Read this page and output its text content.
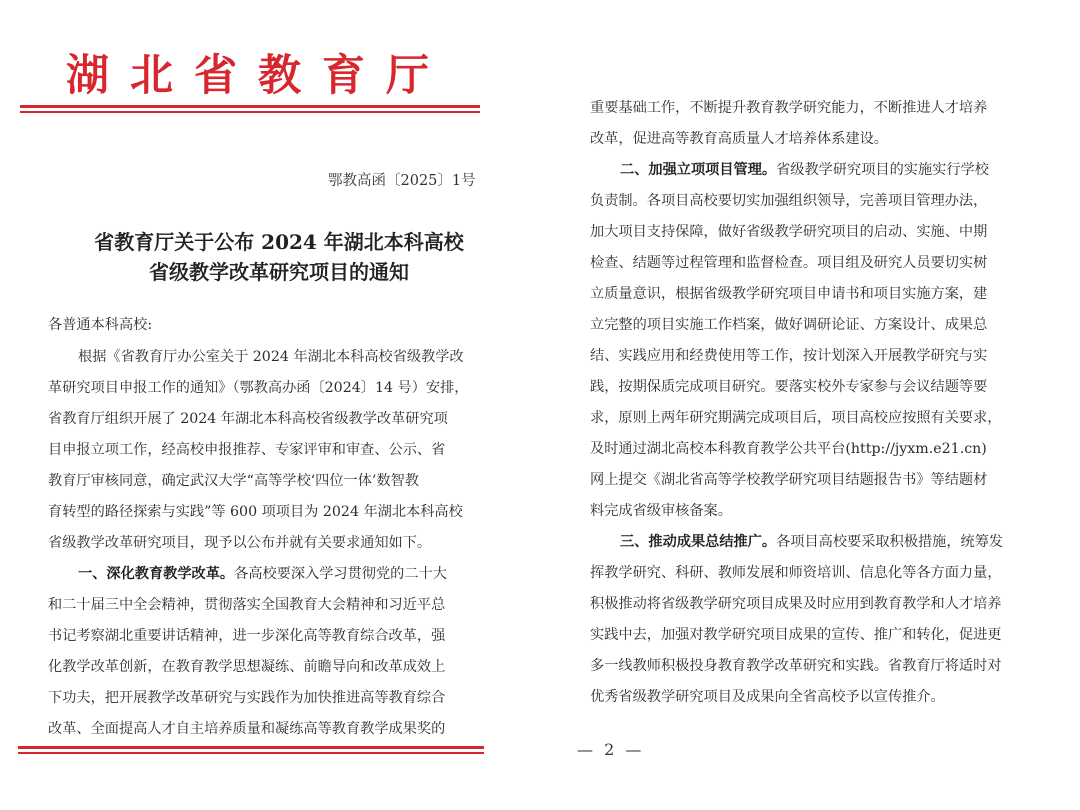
湖北省教育厅
鄂教高函〔2025〕1号
省教育厅关于公布 2024 年湖北本科高校
省级教学改革研究项目的通知
各普通本科高校:
根据《省教育厅办公室关于 2024 年湖北本科高校省级教学改
革研究项目申报工作的通知》（鄂教高办函〔2024〕14 号）安排，
省教育厅组织开展了 2024 年湖北本科高校省级教学改革研究项
目申报立项工作，经高校申报推荐、专家评审和审查、公示、省
教育厅审核同意，确定武汉大学“高等学校‘四位一体’数智教
育转型的路径探索与实践”等 600 项项目为 2024 年湖北本科高校
省级教学改革研究项目，现予以公布并就有关要求通知如下。
一、深化教育教学改革。各高校要深入学习贯彻党的二十大
和二十届三中全会精神，贯彻落实全国教育大会精神和习近平总
书记考察湖北重要讲话精神，进一步深化高等教育综合改革，强
化教学改革创新，在教育教学思想凝练、前瞻导向和改革成效上
下功夫，把开展教学改革研究与实践作为加快推进高等教育综合
改革、全面提高人才自主培养质量和凝练高等教育教学成果奖的
重要基础工作，不断提升教育教学研究能力，不断推进人才培养
改革，促进高等教育高质量人才培养体系建设。
二、加强立项项目管理。省级教学研究项目的实施实行学校
负责制。各项目高校要切实加强组织领导，完善项目管理办法，
加大项目支持保障，做好省级教学研究项目的启动、实施、中期
检查、结题等过程管理和监督检查。项目组及研究人员要切实树
立质量意识，根据省级教学研究项目申请书和项目实施方案，建
立完整的项目实施工作档案，做好调研论证、方案设计、成果总
结、实践应用和经费使用等工作，按计划深入开展教学研究与实
践，按期保质完成项目研究。要落实校外专家参与会议结题等要
求，原则上两年研究期满完成项目后，项目高校应按照有关要求，
及时通过湖北高校本科教育教学公共平台(http://jyxm.e21.cn)
网上提交《湖北省高等学校教学研究项目结题报告书》等结题材
料完成省级审核备案。
三、推动成果总结推广。各项目高校要采取积极措施，统筹发
挥教学研究、科研、教师发展和师资培训、信息化等各方面力量，
积极推动将省级教学研究项目成果及时应用到教育教学和人才培养
实践中去，加强对教学研究项目成果的宣传、推广和转化，促进更
多一线教师积极投身教育教学改革研究和实践。省教育厅将适时对
优秀省级教学研究项目及成果向全省高校予以宣传推介。
— 2 —
